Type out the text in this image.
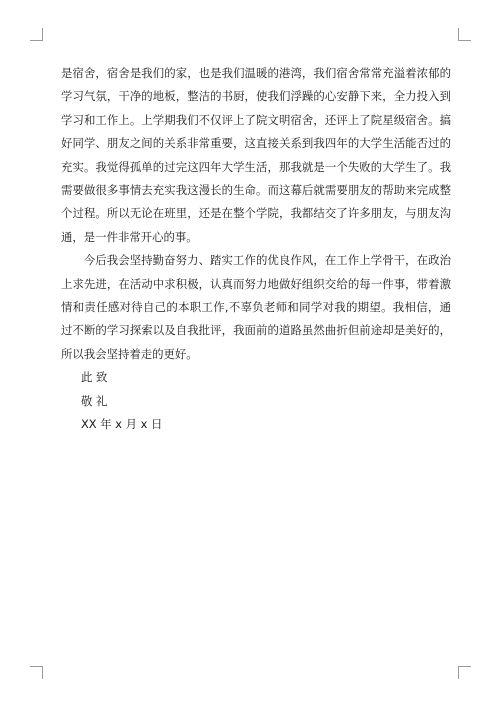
是宿舍，宿舍是我们的家，也是我们温暖的港湾，我们宿舍常常充溢着浓郁的学习气氛，干净的地板，整洁的书厨，使我们浮躁的心安静下来，全力投入到学习和工作上。上学期我们不仅评上了院文明宿舍，还评上了院星级宿舍。搞好同学、朋友之间的关系非常重要，这直接关系到我四年的大学生活能否过的充实。我觉得孤单的过完这四年大学生活，那我就是一个失败的大学生了。我需要做很多事情去充实我这漫长的生命。而这幕后就需要朋友的帮助来完成整个过程。所以无论在班里，还是在整个学院，我都结交了许多朋友，与朋友沟通，是一件非常开心的事。

今后我会坚持勤奋努力、踏实工作的优良作风，在工作上学骨干，在政治上求先进，在活动中求积极，认真而努力地做好组织交给的每一件事，带着激情和责任感对待自己的本职工作,不辜负老师和同学对我的期望。我相信，通过不断的学习探索以及自我批评，我面前的道路虽然曲折但前途却是美好的，所以我会坚持着走的更好。

此 致
敬 礼
XX 年 x 月 x 日
